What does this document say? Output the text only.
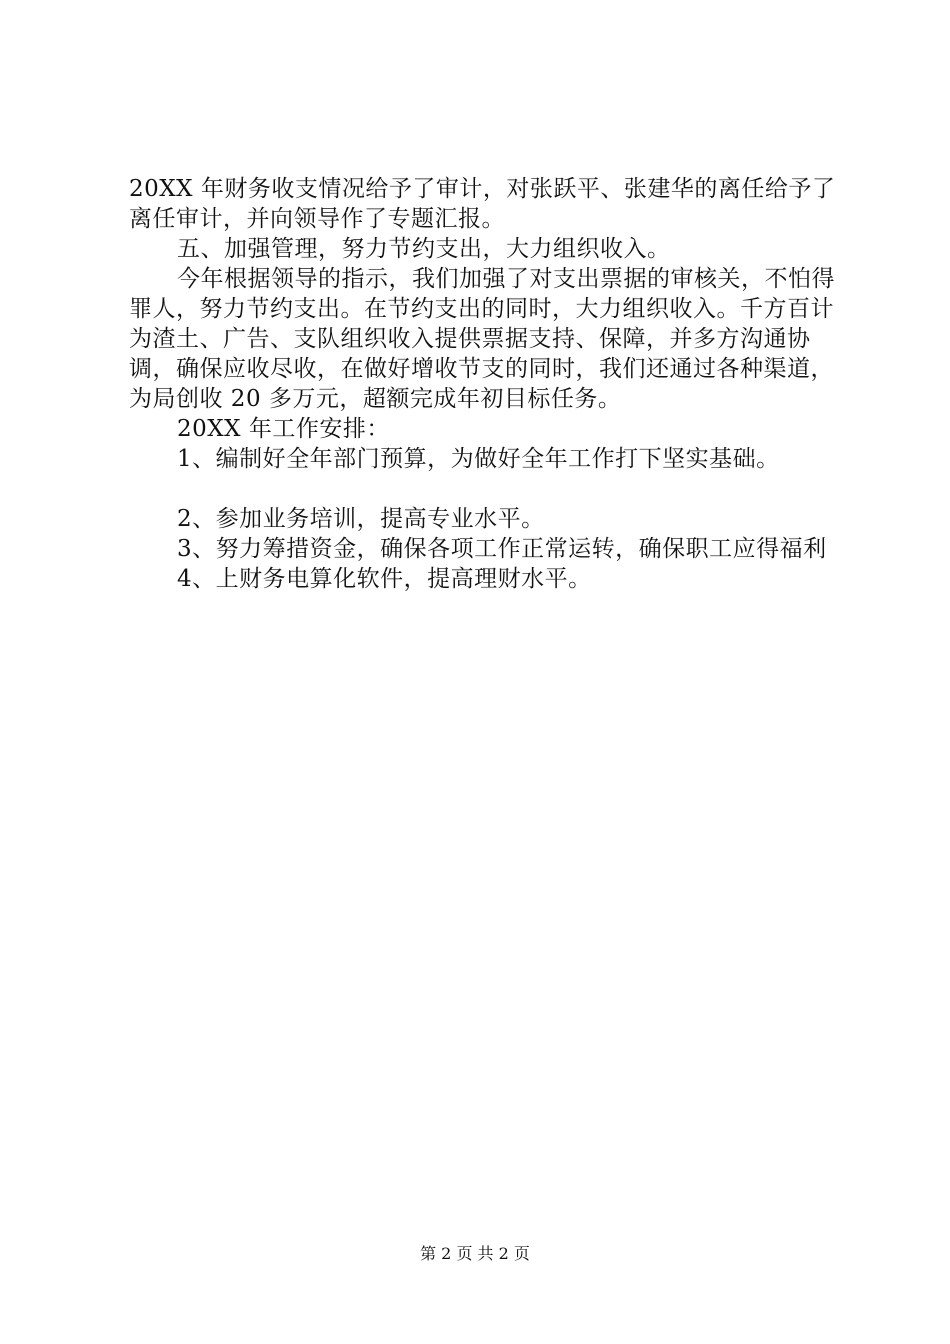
20XX 年财务收支情况给予了审计，对张跃平、张建华的离任给予了离任审计，并向领导作了专题汇报。

五、加强管理，努力节约支出，大力组织收入。

今年根据领导的指示，我们加强了对支出票据的审核关，不怕得罪人，努力节约支出。在节约支出的同时，大力组织收入。千方百计为渣土、广告、支队组织收入提供票据支持、保障，并多方沟通协调，确保应收尽收，在做好增收节支的同时，我们还通过各种渠道，为局创收 20 多万元，超额完成年初目标任务。

20XX 年工作安排：

1、编制好全年部门预算，为做好全年工作打下坚实基础。

2、参加业务培训，提高专业水平。

3、努力筹措资金，确保各项工作正常运转，确保职工应得福利

4、上财务电算化软件，提高理财水平。

第 2 页 共 2 页
